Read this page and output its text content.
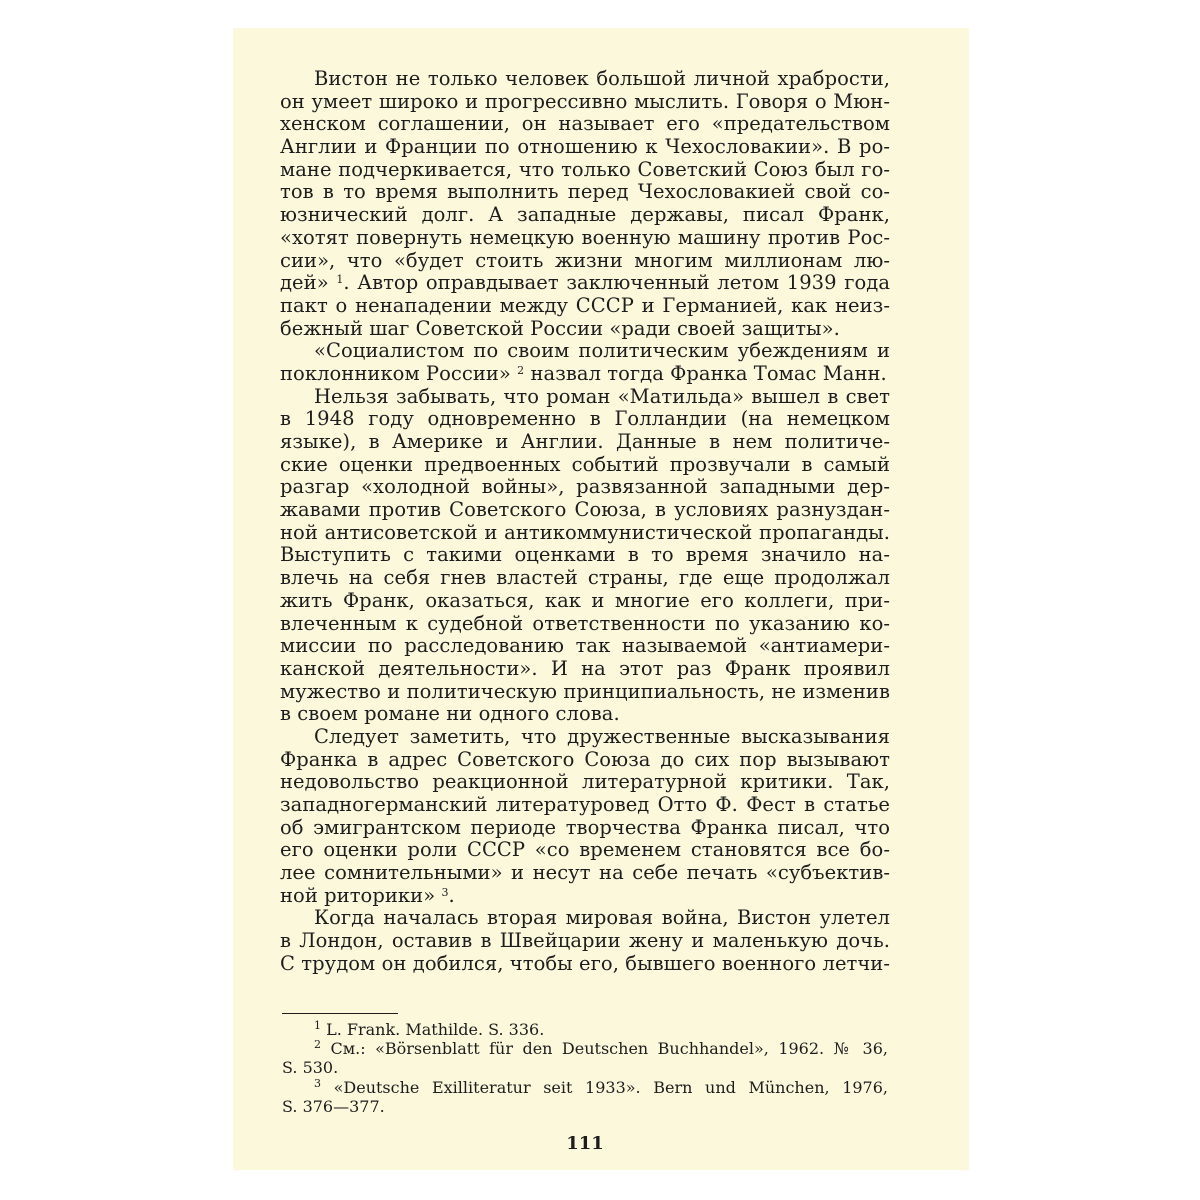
Вистон не только человек большой личной храбрости,
он умеет широко и прогрессивно мыслить. Говоря о Мюн-
хенском соглашении, он называет его «предательством
Англии и Франции по отношению к Чехословакии». В ро-
мане подчеркивается, что только Советский Союз был го-
тов в то время выполнить перед Чехословакией свой со-
юзнический долг. А западные державы, писал Франк,
«хотят повернуть немецкую военную машину против Рос-
сии», что «будет стоить жизни многим миллионам лю-
дей» $^1$. Автор оправдывает заключенный летом 1939 года
пакт о ненападении между СССР и Германией, как неиз-
бежный шаг Советской России «ради своей защиты».
«Социалистом по своим политическим убеждениям и
поклонником России» $^2$ назвал тогда Франка Томас Манн.
Нельзя забывать, что роман «Матильда» вышел в свет
в 1948 году одновременно в Голландии (на немецком
языке), в Америке и Англии. Данные в нем политиче-
ские оценки предвоенных событий прозвучали в самый
разгар «холодной войны», развязанной западными дер-
жавами против Советского Союза, в условиях разнуздан-
ной антисоветской и антикоммунистической пропаганды.
Выступить с такими оценками в то время значило на-
влечь на себя гнев властей страны, где еще продолжал
жить Франк, оказаться, как и многие его коллеги, при-
влеченным к судебной ответственности по указанию ко-
миссии по расследованию так называемой «антиамери-
канской деятельности». И на этот раз Франк проявил
мужество и политическую принципиальность, не изменив
в своем романе ни одного слова.
Следует заметить, что дружественные высказывания
Франка в адрес Советского Союза до сих пор вызывают
недовольство реакционной литературной критики. Так,
западногерманский литературовед Отто Ф. Фест в статье
об эмигрантском периоде творчества Франка писал, что
его оценки роли СССР «со временем становятся все бо-
лее сомнительными» и несут на себе печать «субъектив-
ной риторики» $^3$.
Когда началась вторая мировая война, Вистон улетел
в Лондон, оставив в Швейцарии жену и маленькую дочь.
С трудом он добился, чтобы его, бывшего военного летчи-
$^1$ L. Frank. Mathilde. S. 336.
$^2$ См.: «Börsenblatt für den Deutschen Buchhandel», 1962. № 36,
S. 530.
$^3$ «Deutsche Exilliteratur seit 1933». Bern und München, 1976,
S. 376—377.
111
